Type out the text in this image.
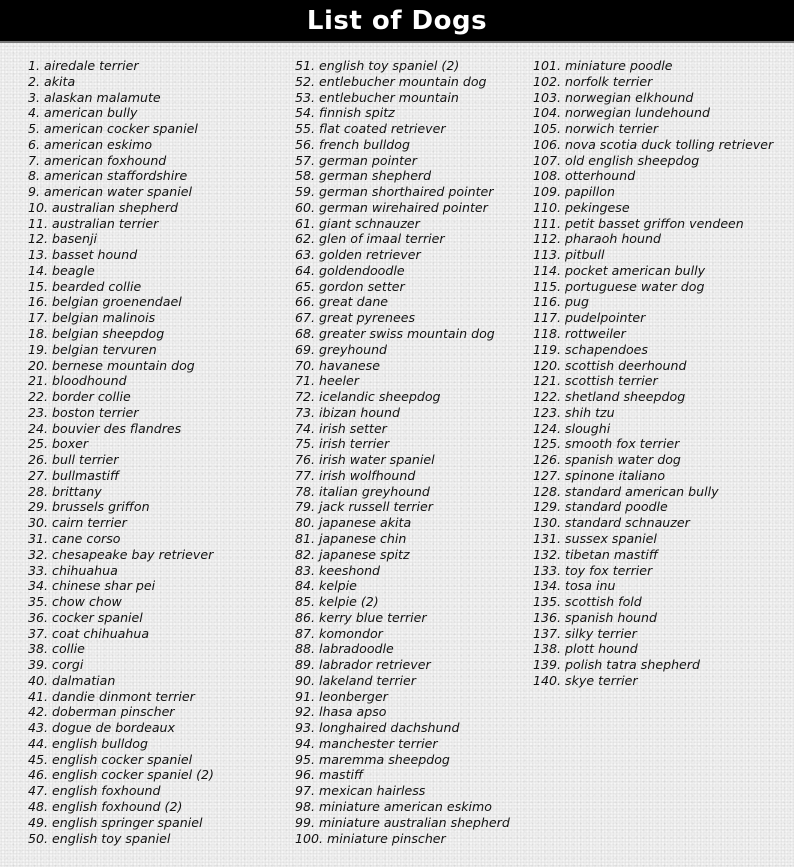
List of Dogs
1. airedale terrier
2. akita
3. alaskan malamute
4. american bully
5. american cocker spaniel
6. american eskimo
7. american foxhound
8. american staffordshire
9. american water spaniel
10. australian shepherd
11. australian terrier
12. basenji
13. basset hound
14. beagle
15. bearded collie
16. belgian groenendael
17. belgian malinois
18. belgian sheepdog
19. belgian tervuren
20. bernese mountain dog
21. bloodhound
22. border collie
23. boston terrier
24. bouvier des flandres
25. boxer
26. bull terrier
27. bullmastiff
28. brittany
29. brussels griffon
30. cairn terrier
31. cane corso
32. chesapeake bay retriever
33. chihuahua
34. chinese shar pei
35. chow chow
36. cocker spaniel
37. coat chihuahua
38. collie
39. corgi
40. dalmatian
41. dandie dinmont terrier
42. doberman pinscher
43. dogue de bordeaux
44. english bulldog
45. english cocker spaniel
46. english cocker spaniel (2)
47. english foxhound
48. english foxhound (2)
49. english springer spaniel
50. english toy spaniel
51. english toy spaniel (2)
52. entlebucher mountain dog
53. entlebucher mountain
54. finnish spitz
55. flat coated retriever
56. french bulldog
57. german pointer
58. german shepherd
59. german shorthaired pointer
60. german wirehaired pointer
61. giant schnauzer
62. glen of imaal terrier
63. golden retriever
64. goldendoodle
65. gordon setter
66. great dane
67. great pyrenees
68. greater swiss mountain dog
69. greyhound
70. havanese
71. heeler
72. icelandic sheepdog
73. ibizan hound
74. irish setter
75. irish terrier
76. irish water spaniel
77. irish wolfhound
78. italian greyhound
79. jack russell terrier
80. japanese akita
81. japanese chin
82. japanese spitz
83. keeshond
84. kelpie
85. kelpie (2)
86. kerry blue terrier
87. komondor
88. labradoodle
89. labrador retriever
90. lakeland terrier
91. leonberger
92. lhasa apso
93. longhaired dachshund
94. manchester terrier
95. maremma sheepdog
96. mastiff
97. mexican hairless
98. miniature american eskimo
99. miniature australian shepherd
100. miniature pinscher
101. miniature poodle
102. norfolk terrier
103. norwegian elkhound
104. norwegian lundehound
105. norwich terrier
106. nova scotia duck tolling retriever
107. old english sheepdog
108. otterhound
109. papillon
110. pekingese
111. petit basset griffon vendeen
112. pharaoh hound
113. pitbull
114. pocket american bully
115. portuguese water dog
116. pug
117. pudelpointer
118. rottweiler
119. schapendoes
120. scottish deerhound
121. scottish terrier
122. shetland sheepdog
123. shih tzu
124. sloughi
125. smooth fox terrier
126. spanish water dog
127. spinone italiano
128. standard american bully
129. standard poodle
130. standard schnauzer
131. sussex spaniel
132. tibetan mastiff
133. toy fox terrier
134. tosa inu
135. scottish fold
136. spanish hound
137. silky terrier
138. plott hound
139. polish tatra shepherd
140. skye terrier
